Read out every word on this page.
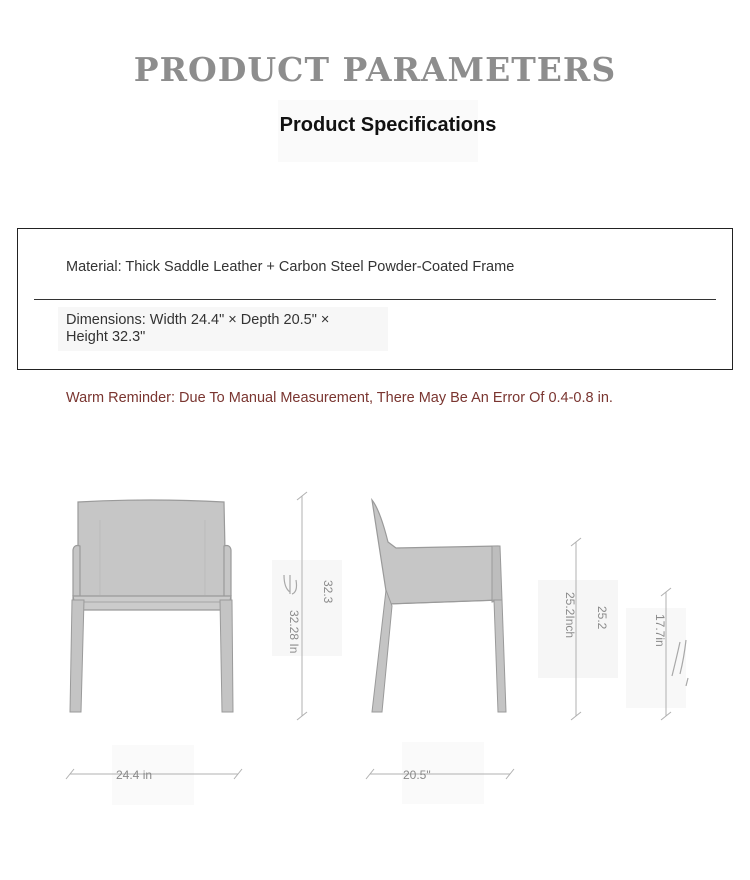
PRODUCT PARAMETERS
Product Specifications
Material: Thick Saddle Leather + Carbon Steel Powder-Coated Frame
Dimensions: Width 24.4" × Depth 20.5" × Height 32.3"
Warm Reminder: Due To Manual Measurement, There May Be An Error Of 0.4-0.8 in.
24.4 in
32.28 In
32.3
20.5"
25.2Inch 25.2	17.7in
